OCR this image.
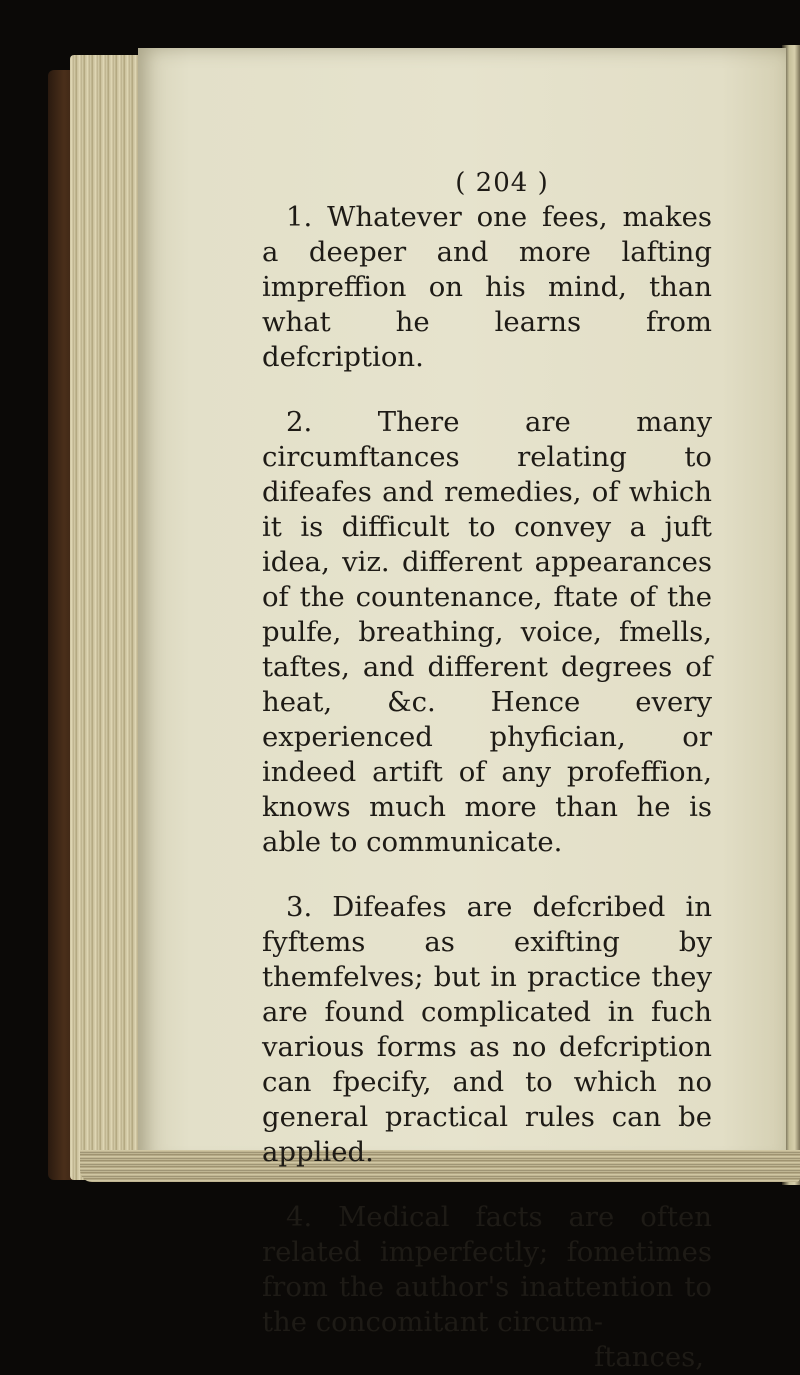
( 204 )

1. Whatever one fees, makes a deeper and more lafting impreffion on his mind, than what he learns from defcription.

2. There are many circumftances relating to difeafes and remedies, of which it is difficult to convey a juft idea, viz. different appearances of the countenance, ftate of the pulfe, breathing, voice, fmells, taftes, and different degrees of heat, &c. Hence every experienced phyfician, or indeed artift of any profeffion, knows much more than he is able to communicate.

3. Difeafes are defcribed in fyftems as exifting by themfelves; but in practice they are found complicated in fuch various forms as no defcription can fpecify, and to which no general practical rules can be applied.

4. Medical facts are often related imperfectly; fometimes from the author's inattention to the concomitant circum-

ftances,
